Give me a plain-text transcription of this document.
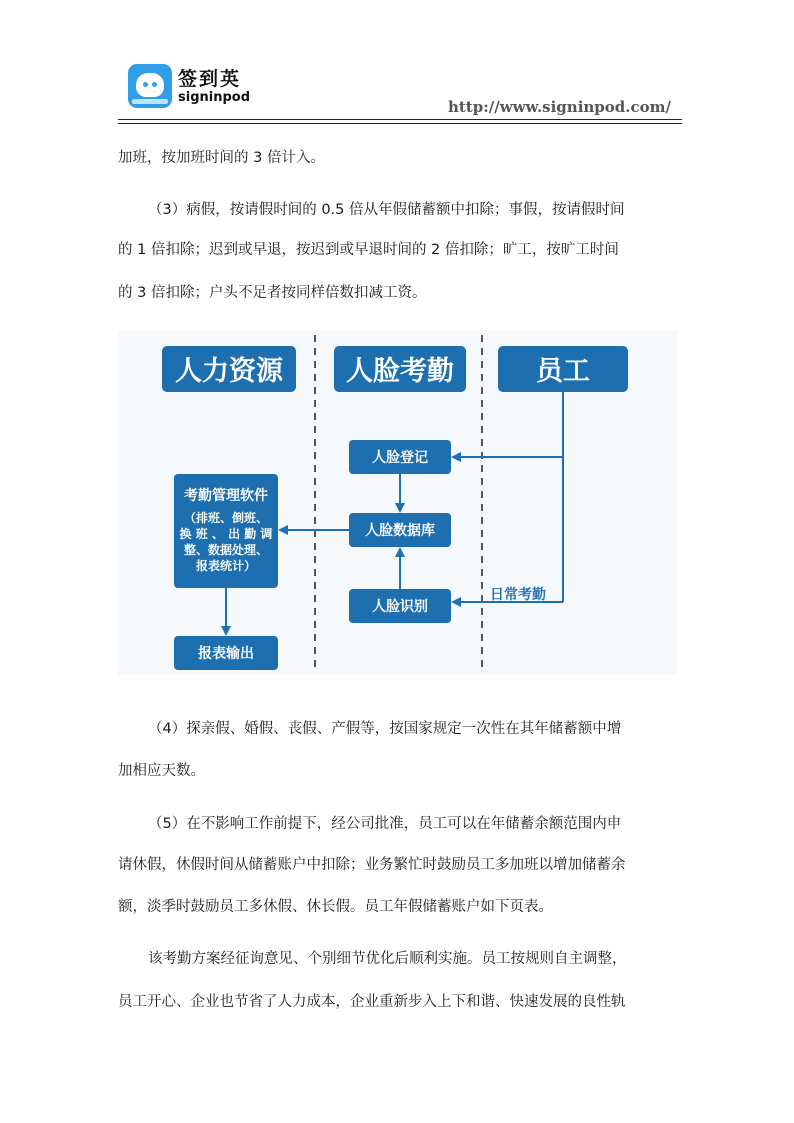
签到英
signinpod
http://www.signinpod.com/

加班，按加班时间的 3 倍计入。

（3）病假，按请假时间的 0.5 倍从年假储蓄额中扣除；事假，按请假时间

的 1 倍扣除；迟到或早退，按迟到或早退时间的 2 倍扣除；旷工，按旷工时间

的 3 倍扣除；户头不足者按同样倍数扣减工资。

人力资源 人脸考勤	员工
考勤管理软件
（排班、倒班、
换 班 、 出 勤 调
整、数据处理、
报表统计）
报表输出
人脸登记
人脸数据库
人脸识别
日常考勤

（4）探亲假、婚假、丧假、产假等，按国家规定一次性在其年储蓄额中增

加相应天数。

（5）在不影响工作前提下，经公司批准，员工可以在年储蓄余额范围内申

请休假，休假时间从储蓄账户中扣除；业务繁忙时鼓励员工多加班以增加储蓄余

额，淡季时鼓励员工多休假、休长假。员工年假储蓄账户如下页表。

该考勤方案经征询意见、个别细节优化后顺利实施。员工按规则自主调整，

员工开心、企业也节省了人力成本，企业重新步入上下和谐、快速发展的良性轨
